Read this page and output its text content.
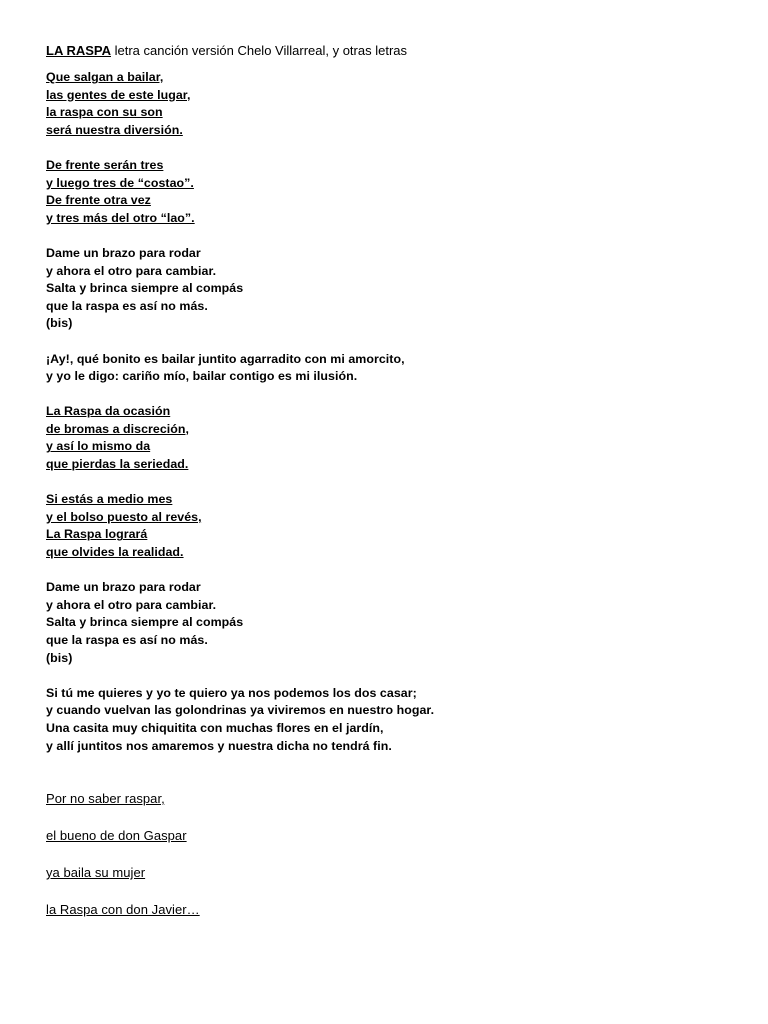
LA RASPA letra canción versión Chelo Villarreal, y otras letras
Que salgan a bailar,
las gentes de este lugar,
la raspa con su son
será nuestra diversión.
De frente serán tres
y luego tres de “costao”.
De frente otra vez
y tres más del otro “lao”.
Dame un brazo para rodar
y ahora el otro para cambiar.
Salta y brinca siempre al compás
que la raspa es así no más.
(bis)
¡Ay!, qué bonito es bailar juntito agarradito con mi amorcito,
y yo le digo: cariño mío, bailar contigo es mi ilusión.
La Raspa da ocasión
de bromas a discreción,
y así lo mismo da
que pierdas la seriedad.
Si estás a medio mes
y el bolso puesto al revés,
La Raspa logrará
que olvides la realidad.
Dame un brazo para rodar
y ahora el otro para cambiar.
Salta y brinca siempre al compás
que la raspa es así no más.
(bis)
Si tú me quieres y yo te quiero ya nos podemos los dos casar;
y cuando vuelvan las golondrinas ya viviremos en nuestro hogar.
Una casita muy chiquitita con muchas flores en el jardín,
y allí juntitos nos amaremos y nuestra dicha no tendrá fin.
Por no saber raspar,
el bueno de don Gaspar
ya baila su mujer
la Raspa con don Javier…
